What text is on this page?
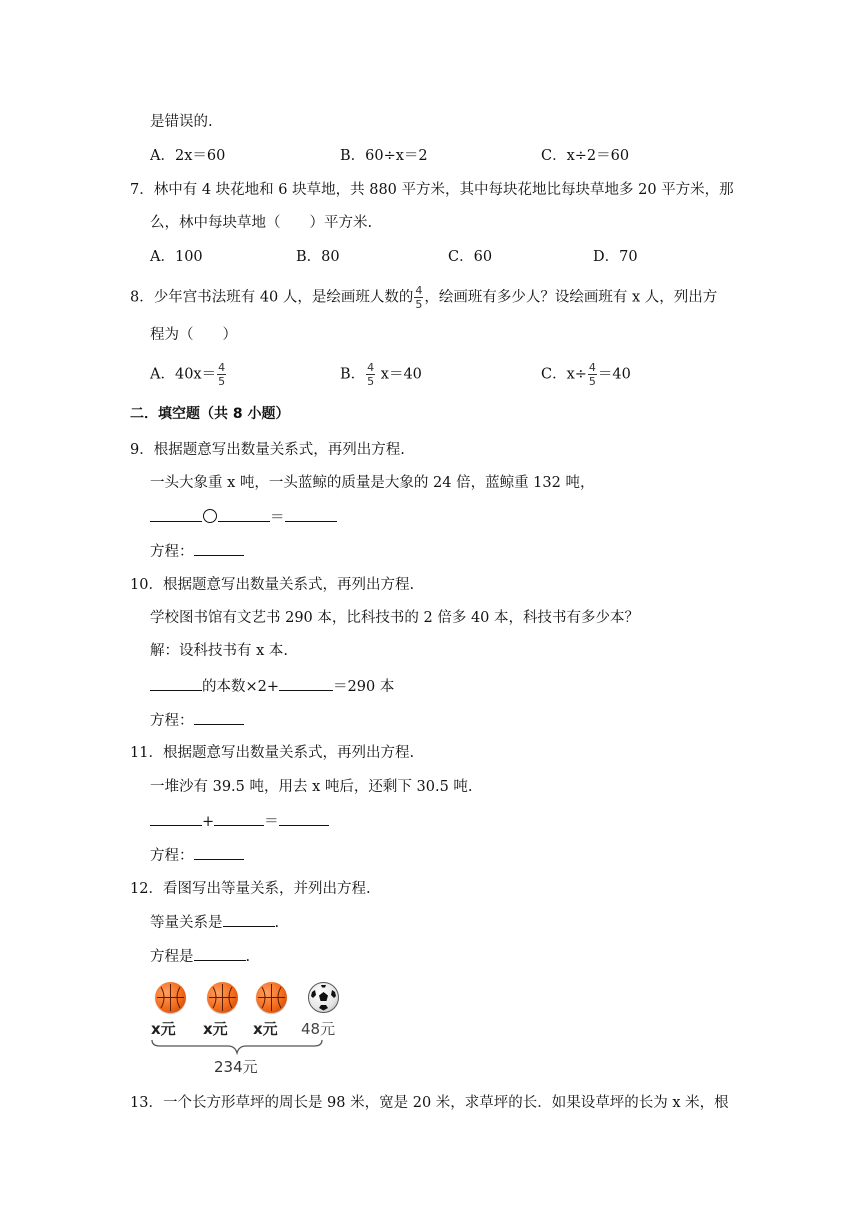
是错误的.
A．2x＝60	B．60÷x＝2	C．x÷2＝60
7．林中有 4 块花地和 6 块草地，共 880 平方米，其中每块花地比每块草地多 20 平方米，那
么，林中每块草地（　　）平方米.
A．100	B．80	C．60	D．70
8．少年宫书法班有 40 人，是绘画班人数的 $\frac{4}{5}$ ，绘画班有多少人？设绘画班有 x 人，列出方
程为（　　）
A．$40x= \frac{4}{5}$	B． $\frac{4}{5} x=40$	C．$x\div \frac{4}{5} =40$
二．填空题（共 8 小题）
9．根据题意写出数量关系式，再列出方程.
一头大象重 x 吨，一头蓝鲸的质量是大象的 24 倍，蓝鲸重 132 吨，
＝
方程：
10．根据题意写出数量关系式，再列出方程.
学校图书馆有文艺书 290 本，比科技书的 2 倍多 40 本，科技书有多少本？
解：设科技书有 x 本.
的本数×2+	＝290 本
方程：
11．根据题意写出数量关系式，再列出方程.
一堆沙有 39.5 吨，用去 x 吨后，还剩下 30.5 吨.
+	＝
方程：
12．看图写出等量关系，并列出方程.
等量关系是	.
方程是	.
x元 x元 x元 48元
234元
13．一个长方形草坪的周长是 98 米，宽是 20 米，求草坪的长．如果设草坪的长为 x 米，根
